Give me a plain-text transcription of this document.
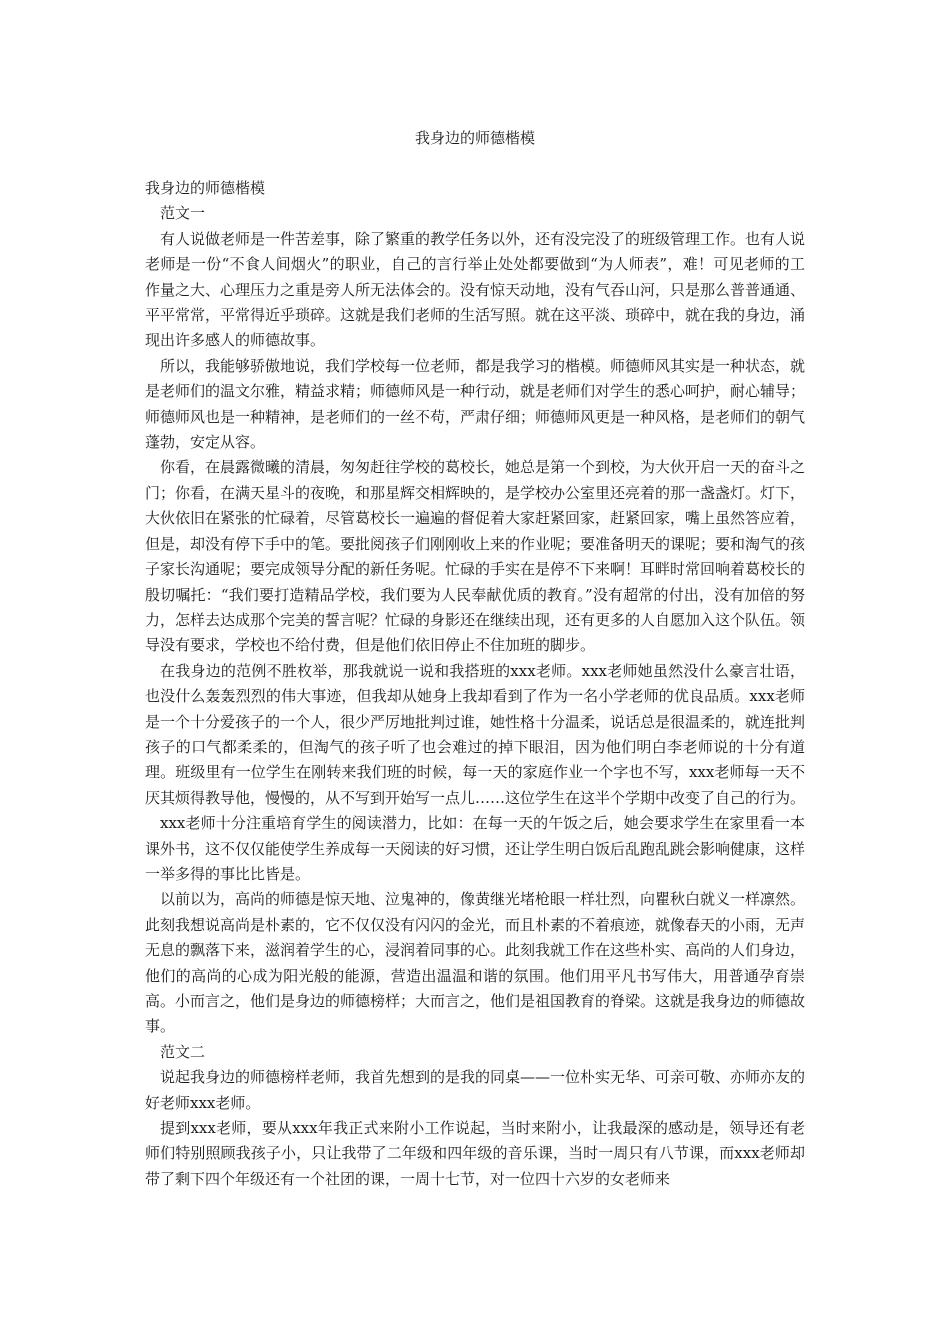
我身边的师德楷模

我身边的师德楷模

范文一

有人说做老师是一件苦差事，除了繁重的教学任务以外，还有没完没了的班级管理工作。也有人说老师是一份“不食人间烟火”的职业，自己的言行举止处处都要做到“为人师表”，难！可见老师的工作量之大、心理压力之重是旁人所无法体会的。没有惊天动地，没有气吞山河，只是那么普普通通、平平常常，平常得近乎琐碎。这就是我们老师的生活写照。就在这平淡、琐碎中，就在我的身边，涌现出许多感人的师德故事。

所以，我能够骄傲地说，我们学校每一位老师，都是我学习的楷模。师德师风其实是一种状态，就是老师们的温文尔雅，精益求精；师德师风是一种行动，就是老师们对学生的悉心呵护，耐心辅导；师德师风也是一种精神，是老师们的一丝不苟，严肃仔细；师德师风更是一种风格，是老师们的朝气蓬勃，安定从容。

你看，在晨露微曦的清晨，匆匆赶往学校的葛校长，她总是第一个到校，为大伙开启一天的奋斗之门；你看，在满天星斗的夜晚，和那星辉交相辉映的，是学校办公室里还亮着的那一盏盏灯。灯下，大伙依旧在紧张的忙碌着，尽管葛校长一遍遍的督促着大家赶紧回家，赶紧回家，嘴上虽然答应着，但是，却没有停下手中的笔。要批阅孩子们刚刚收上来的作业呢；要准备明天的课呢；要和淘气的孩子家长沟通呢；要完成领导分配的新任务呢。忙碌的手实在是停不下来啊！耳畔时常回响着葛校长的殷切嘱托：“我们要打造精品学校，我们要为人民奉献优质的教育。”没有超常的付出，没有加倍的努力，怎样去达成那个完美的誓言呢？忙碌的身影还在继续出现，还有更多的人自愿加入这个队伍。领导没有要求，学校也不给付费，但是他们依旧停止不住加班的脚步。

在我身边的范例不胜枚举，那我就说一说和我搭班的xxx老师。xxx老师她虽然没什么豪言壮语，也没什么轰轰烈烈的伟大事迹，但我却从她身上我却看到了作为一名小学老师的优良品质。xxx老师是一个十分爱孩子的一个人，很少严厉地批判过谁，她性格十分温柔，说话总是很温柔的，就连批判孩子的口气都柔柔的，但淘气的孩子听了也会难过的掉下眼泪，因为他们明白李老师说的十分有道理。班级里有一位学生在刚转来我们班的时候，每一天的家庭作业一个字也不写，xxx老师每一天不厌其烦得教导他，慢慢的，从不写到开始写一点儿……这位学生在这半个学期中改变了自己的行为。

xxx老师十分注重培育学生的阅读潜力，比如：在每一天的午饭之后，她会要求学生在家里看一本课外书，这不仅仅能使学生养成每一天阅读的好习惯，还让学生明白饭后乱跑乱跳会影响健康，这样一举多得的事比比皆是。

以前以为，高尚的师德是惊天地、泣鬼神的，像黄继光堵枪眼一样壮烈，向瞿秋白就义一样凛然。此刻我想说高尚是朴素的，它不仅仅没有闪闪的金光，而且朴素的不着痕迹，就像春天的小雨，无声无息的飘落下来，滋润着学生的心，浸润着同事的心。此刻我就工作在这些朴实、高尚的人们身边，他们的高尚的心成为阳光般的能源，营造出温温和谐的氛围。他们用平凡书写伟大，用普通孕育崇高。小而言之，他们是身边的师德榜样；大而言之，他们是祖国教育的脊梁。这就是我身边的师德故事。

范文二

说起我身边的师德榜样老师，我首先想到的是我的同桌——一位朴实无华、可亲可敬、亦师亦友的好老师xxx老师。

提到xxx老师，要从xxx年我正式来附小工作说起，当时来附小，让我最深的感动是，领导还有老师们特别照顾我孩子小，只让我带了二年级和四年级的音乐课，当时一周只有八节课，而xxx老师却带了剩下四个年级还有一个社团的课，一周十七节，对一位四十六岁的女老师来
